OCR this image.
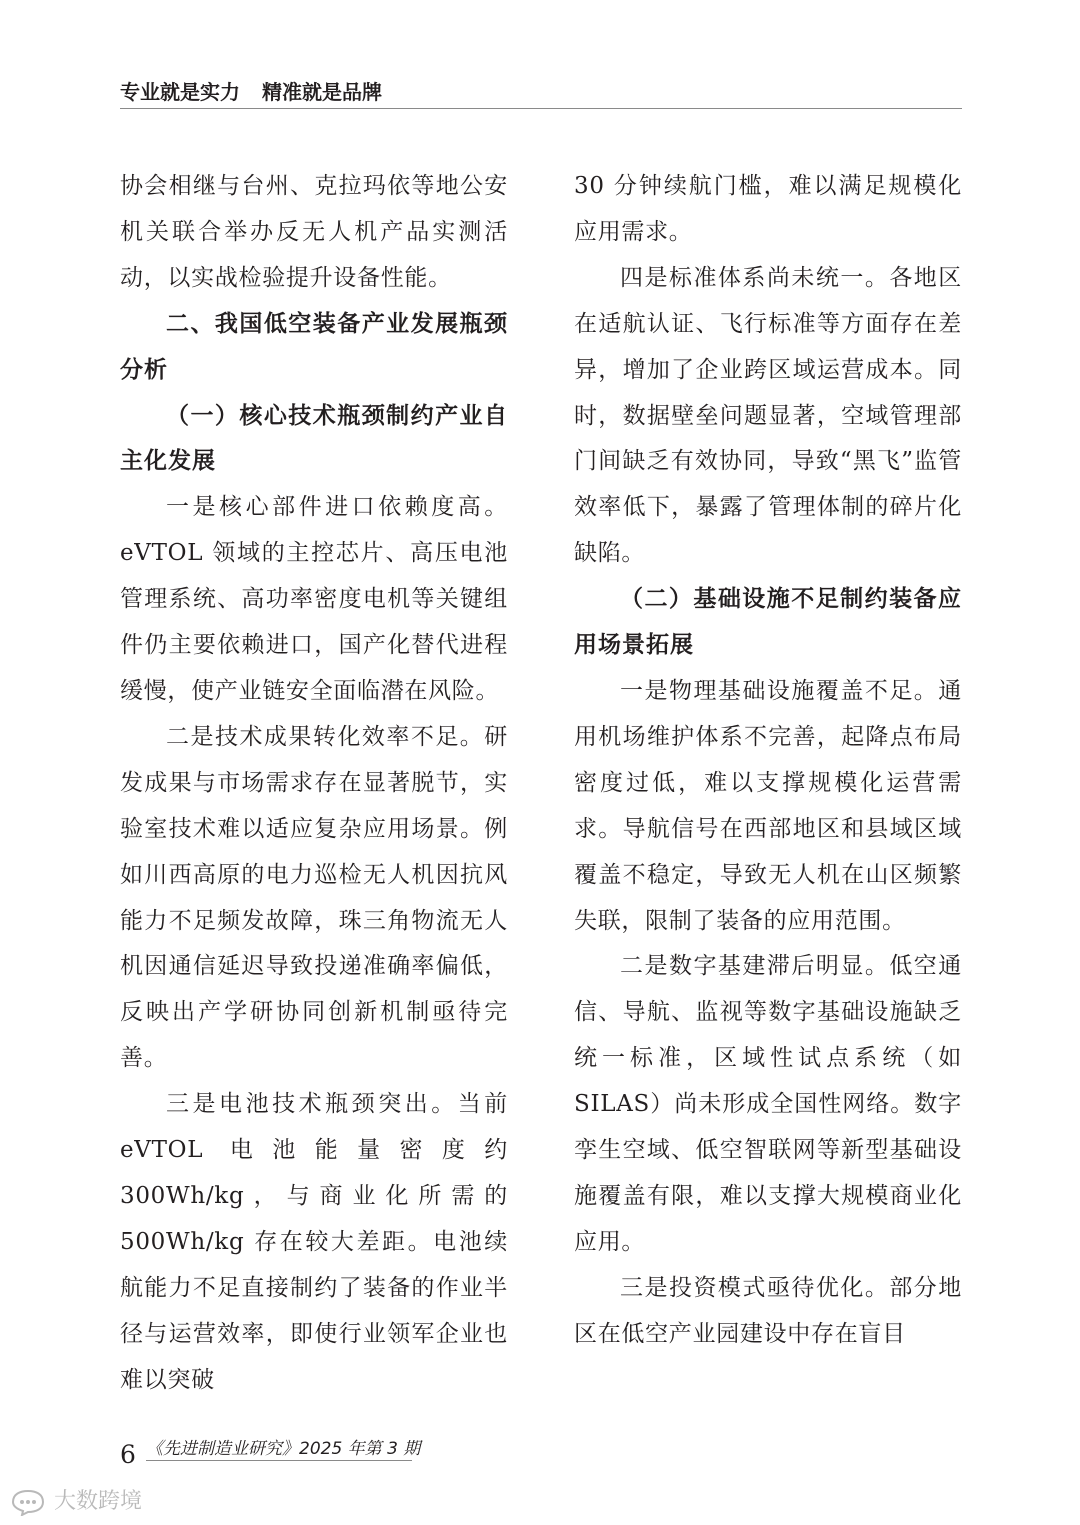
专业就是实力 精准就是品牌

协会相继与台州、克拉玛依等地公安机关联合举办反无人机产品实测活动，以实战检验提升设备性能。

二、我国低空装备产业发展瓶颈分析

（一）核心技术瓶颈制约产业自主化发展

一是核心部件进口依赖度高。eVTOL 领域的主控芯片、高压电池管理系统、高功率密度电机等关键组件仍主要依赖进口，国产化替代进程缓慢，使产业链安全面临潜在风险。

二是技术成果转化效率不足。研发成果与市场需求存在显著脱节，实验室技术难以适应复杂应用场景。例如川西高原的电力巡检无人机因抗风能力不足频发故障，珠三角物流无人机因通信延迟导致投递准确率偏低，反映出产学研协同创新机制亟待完善。

三是电池技术瓶颈突出。当前 eVTOL 电池能量密度约 300Wh/kg，与商业化所需的 500Wh/kg 存在较大差距。电池续航能力不足直接制约了装备的作业半径与运营效率，即使行业领军企业也难以突破

30 分钟续航门槛，难以满足规模化应用需求。

四是标准体系尚未统一。各地区在适航认证、飞行标准等方面存在差异，增加了企业跨区域运营成本。同时，数据壁垒问题显著，空域管理部门间缺乏有效协同，导致“黑飞”监管效率低下，暴露了管理体制的碎片化缺陷。

（二）基础设施不足制约装备应用场景拓展

一是物理基础设施覆盖不足。通用机场维护体系不完善，起降点布局密度过低，难以支撑规模化运营需求。导航信号在西部地区和县域区域覆盖不稳定，导致无人机在山区频繁失联，限制了装备的应用范围。

二是数字基建滞后明显。低空通信、导航、监视等数字基础设施缺乏统一标准，区域性试点系统（如 SILAS）尚未形成全国性网络。数字孪生空域、低空智联网等新型基础设施覆盖有限，难以支撑大规模商业化应用。

三是投资模式亟待优化。部分地区在低空产业园建设中存在盲目

6 《先进制造业研究》2025 年第 3 期
大数跨境
